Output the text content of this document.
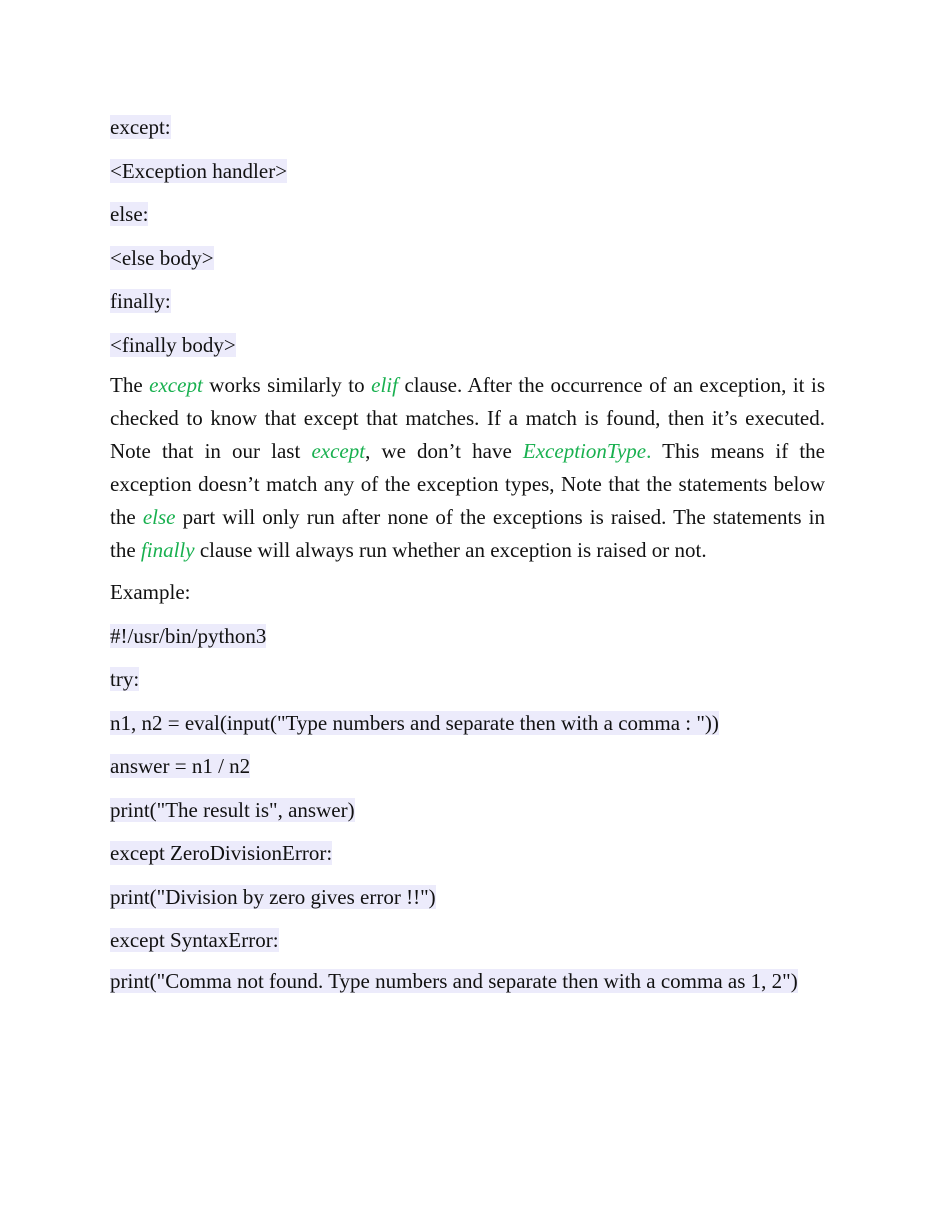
except:
<Exception handler>
else:
<else body>
finally:
<finally body>

The except works similarly to elif clause. After the occurrence of an exception, it is checked to know that except that matches. If a match is found, then it’s executed. Note that in our last except, we don’t have ExceptionType. This means if the exception doesn’t match any of the exception types, Note that the statements below the else part will only run after none of the exceptions is raised. The statements in the finally clause will always run whether an exception is raised or not.

Example:
#!/usr/bin/python3
try:
n1, n2 = eval(input("Type numbers and separate then with a comma : "))
answer = n1 / n2
print("The result is", answer)
except ZeroDivisionError:
print("Division by zero gives error !!")
except SyntaxError:
print("Comma not found. Type numbers and separate then with a comma as 1, 2")
